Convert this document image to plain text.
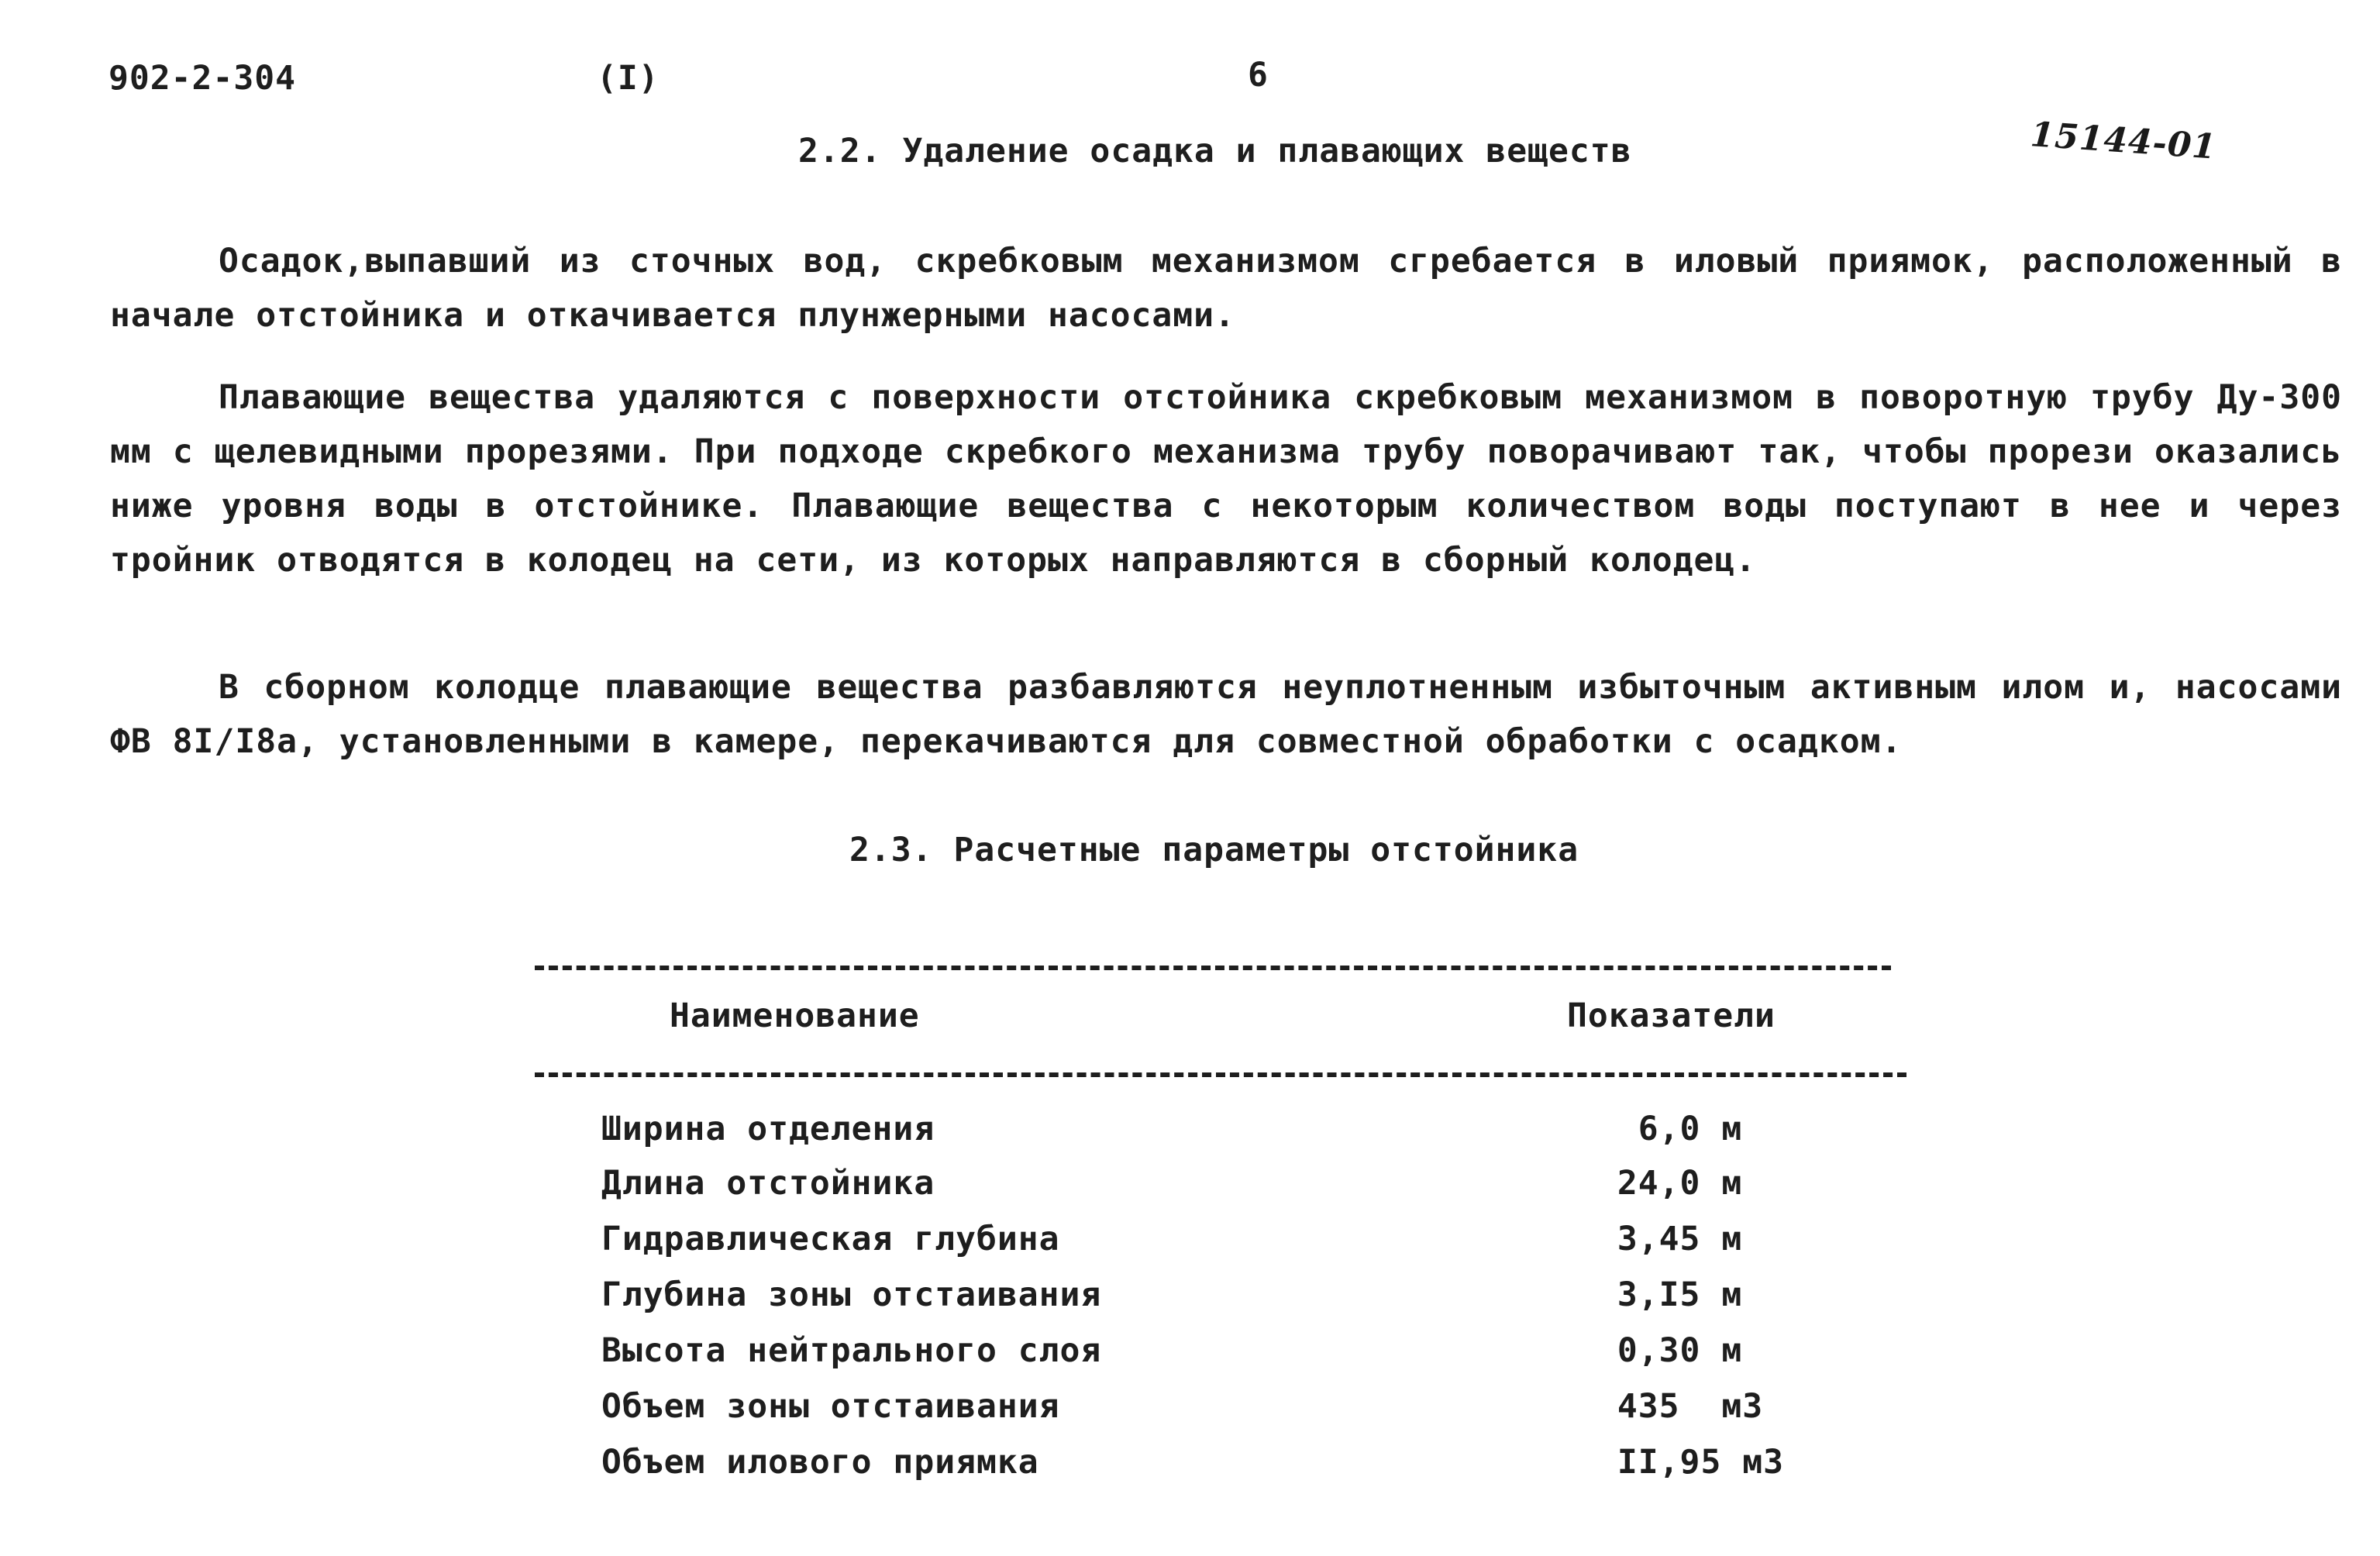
902-2-304	(I)	6
15144-01
2.2. Удаление осадка и плавающих веществ

Осадок,выпавший из сточных вод, скребковым механизмом сгребается в иловый приямок, расположенный в начале отстойника и откачивается плунжерными насосами.

Плавающие вещества удаляются с поверхности отстойника скребковым механизмом в поворотную трубу Ду-300 мм с щелевидными прорезями. При подходе скребкого механизма трубу поворачивают так, чтобы прорези оказались ниже уровня воды в отстойнике. Плавающие вещества с некоторым количеством воды поступают в нее и через тройник отводятся в колодец на сети, из которых направляются в сборный колодец.

В сборном колодце плавающие вещества разбавляются неуплотненным избыточным активным илом и, насосами ФВ 8I/I8а, установленными в камере, перекачиваются для совместной обработки с осадком.

2.3. Расчетные параметры отстойника
Наименование	Показатели
Ширина отделения	6,0 м
Длина отстойника	24,0 м
Гидравлическая глубина	3,45 м
Глубина зоны отстаивания	3,I5 м
Высота нейтрального слоя	0,30 м
Объем зоны отстаивания	435  м3
Объем илового приямка	II,95 м3
